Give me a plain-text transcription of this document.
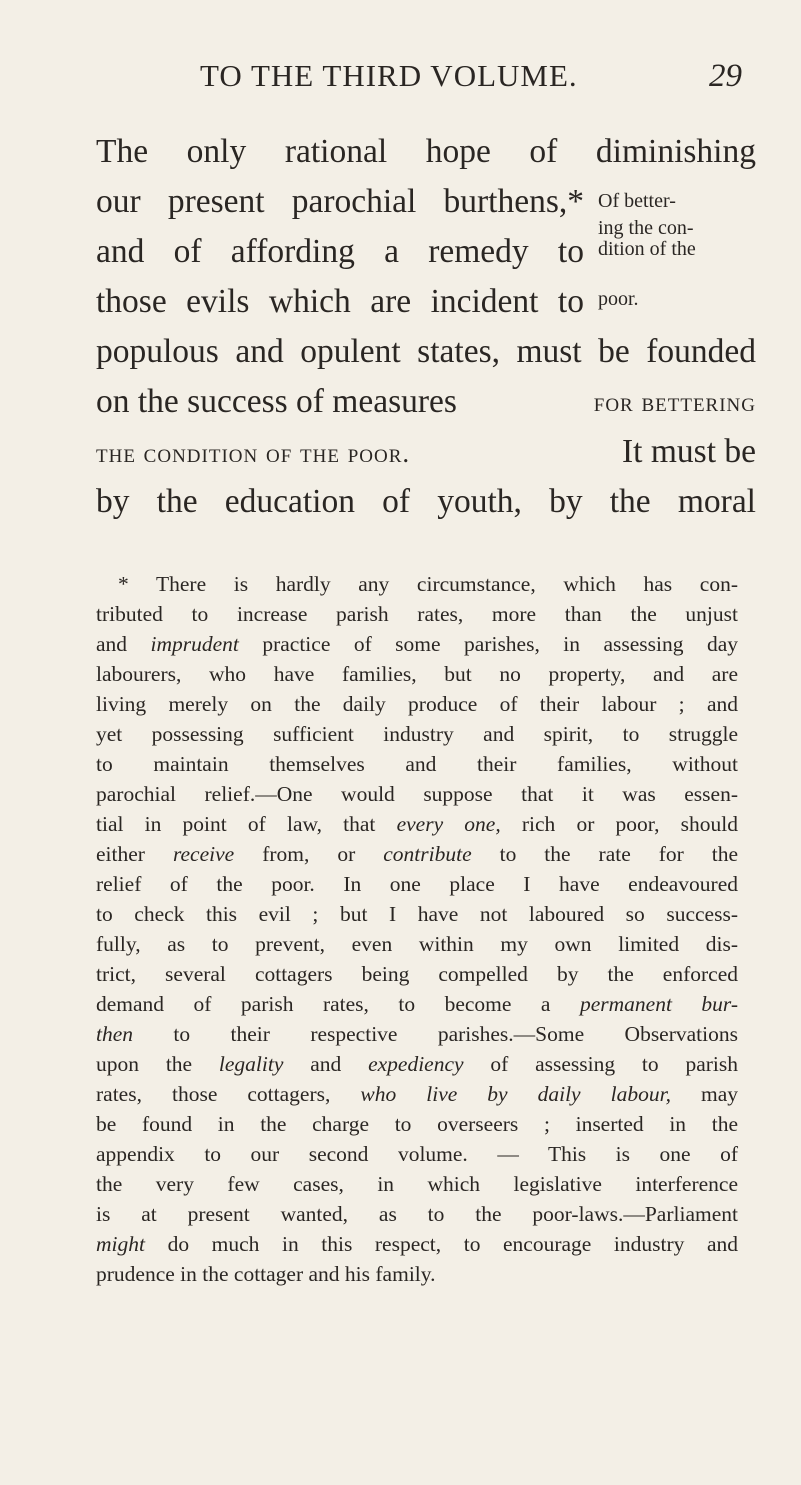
TO THE THIRD VOLUME.	29
The only rational hope of diminishing
our present parochial burthens,*
and of affording a remedy to
those evils which are incident to
populous and opulent states, must be founded
on the success of measures	for bettering
the condition of the poor.	It must be
by the education of youth, by the moral
Of better-
ing the con-
dition of the
poor.
* There is hardly any circumstance, which has con-
tributed to increase parish rates, more than the unjust
and imprudent practice of some parishes, in assessing day
labourers, who have families, but no property, and are
living merely on the daily produce of their labour ; and
yet possessing sufficient industry and spirit, to struggle
to maintain themselves and their families, without
parochial relief.—One would suppose that it was essen-
tial in point of law, that every one, rich or poor, should
either receive from, or contribute to the rate for the
relief of the poor. In one place I have endeavoured
to check this evil ; but I have not laboured so success-
fully, as to prevent, even within my own limited dis-
trict, several cottagers being compelled by the enforced
demand of parish rates, to become a permanent bur-
then to their respective parishes.—Some Observations
upon the legality and expediency of assessing to parish
rates, those cottagers, who live by daily labour, may
be found in the charge to overseers ; inserted in the
appendix to our second volume. — This is one of
the very few cases, in which legislative interference
is at present wanted, as to the poor-laws.—Parliament
might do much in this respect, to encourage industry and
prudence in the cottager and his family.
